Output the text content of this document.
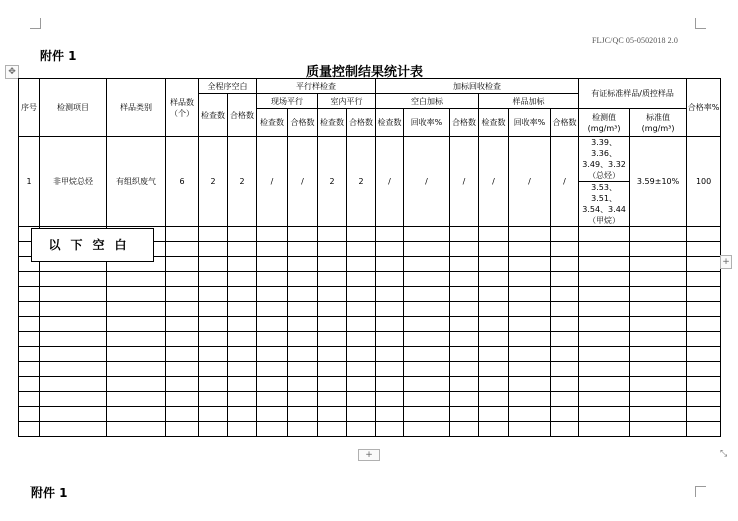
FLJC/QC 05-0502018 2.0
附件 1
质量控制结果统计表
✥
序号	检测项目	样品类别	样品数（个）	全程序空白		平行样检查				加标回收检查						有证标准样品/质控样品		合格率%
				检查数	合格数	现场平行		室内平行		空白加标			样品加标					
						检查数	合格数	检查数	合格数	检查数	回收率%	合格数	检查数	回收率%	合格数	检测值(mg/m³)	标准值(mg/m³)	

1	非甲烷总烃	有组织废气	6	2	2	/	/	2	2	/	/	/	/	/	/	3.39、3.36、3.49、3.32（总烃）	3.59±10%	100
																3.53、3.51、3.54、3.44（甲烷）		

以下空白
+
+	⤡
附件 1
